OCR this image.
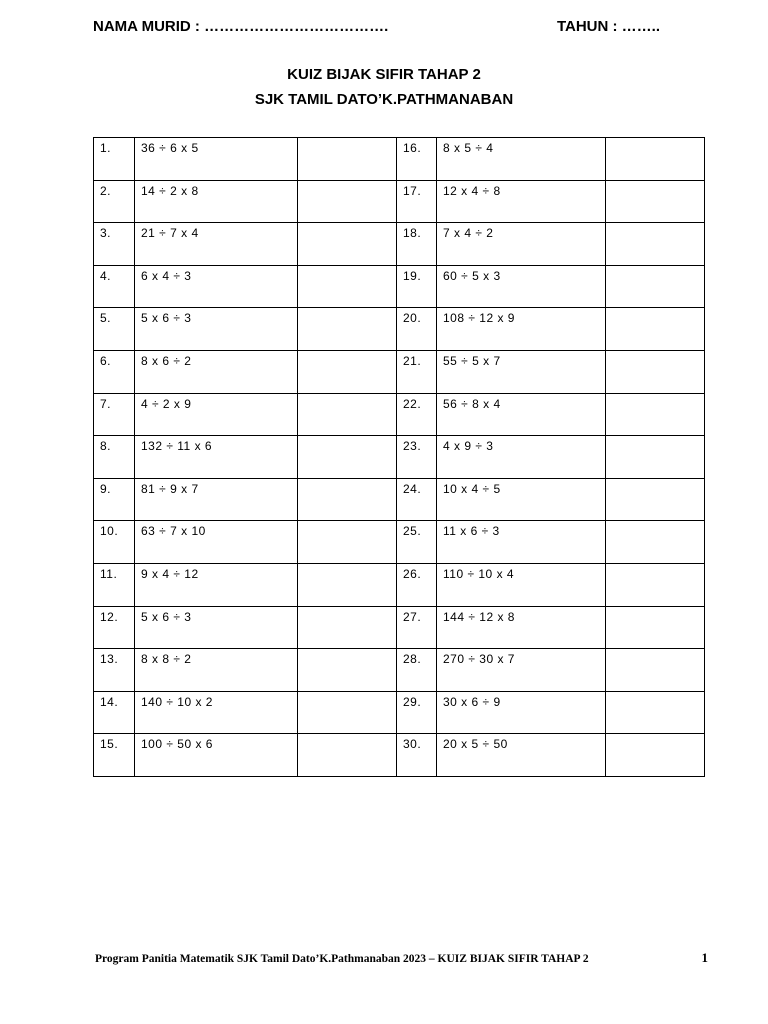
NAMA MURID : ……………………………….	TAHUN : ……..
KUIZ BIJAK SIFIR TAHAP 2
SJK TAMIL DATO’K.PATHMANABAN
1.	36 ÷ 6 x 5		16.	8 x 5 ÷ 4	
2.	14 ÷ 2 x 8		17.	12 x 4 ÷ 8	
3.	21 ÷ 7 x 4		18.	7 x 4 ÷ 2	
4.	6 x 4 ÷ 3		19.	60 ÷ 5 x 3	
5.	5 x 6 ÷ 3		20.	108 ÷ 12 x 9	
6.	8 x 6 ÷ 2		21.	55 ÷ 5 x 7	
7.	4 ÷ 2 x 9		22.	56 ÷ 8 x 4	
8.	132 ÷ 11 x 6		23.	4 x 9 ÷ 3	
9.	81 ÷ 9 x 7		24.	10 x 4 ÷ 5	
10.	63 ÷ 7 x 10		25.	11 x 6 ÷ 3	
11.	9 x 4 ÷ 12		26.	110 ÷ 10 x 4	
12.	5 x 6 ÷ 3		27.	144 ÷ 12 x 8	
13.	8 x 8 ÷ 2		28.	270 ÷ 30 x 7	
14.	140 ÷ 10 x 2		29.	30 x 6 ÷ 9	
15.	100 ÷ 50 x 6		30.	20 x 5 ÷ 50	
Program Panitia Matematik SJK Tamil Dato’K.Pathmanaban 2023 – KUIZ BIJAK SIFIR TAHAP 2	1
